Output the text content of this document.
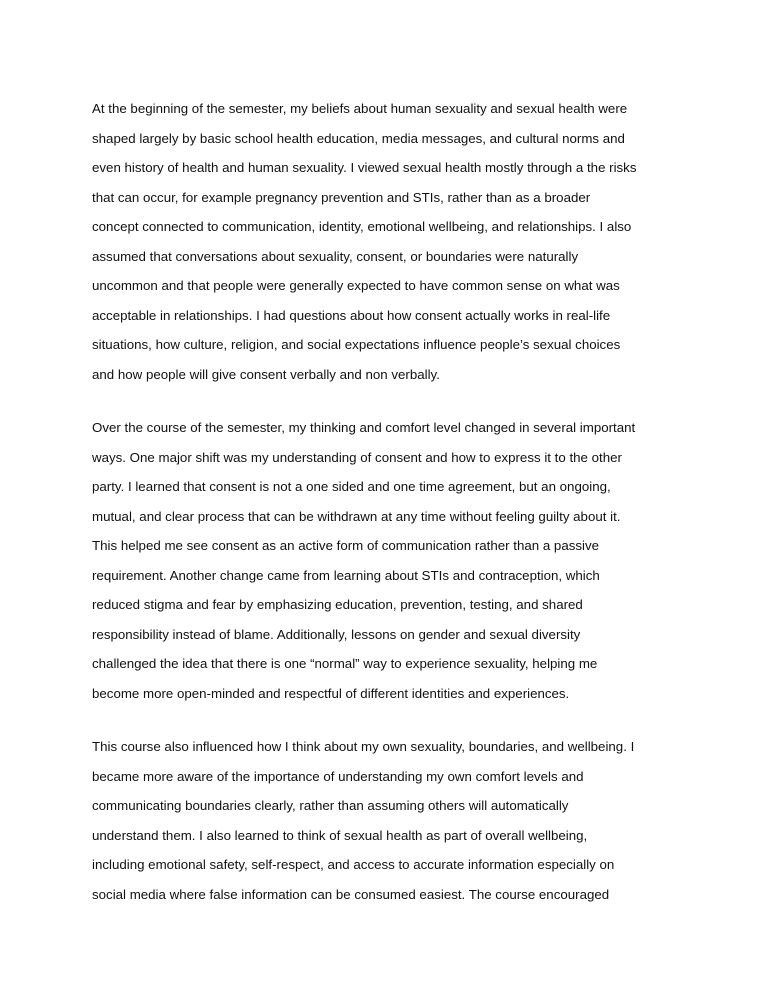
At the beginning of the semester, my beliefs about human sexuality and sexual health were
shaped largely by basic school health education, media messages, and cultural norms and
even history of health and human sexuality. I viewed sexual health mostly through a the risks
that can occur, for example pregnancy prevention and STIs, rather than as a broader
concept connected to communication, identity, emotional wellbeing, and relationships. I also
assumed that conversations about sexuality, consent, or boundaries were naturally
uncommon and that people were generally expected to have common sense on what was
acceptable in relationships. I had questions about how consent actually works in real-life
situations, how culture, religion, and social expectations influence people’s sexual choices
and how people will give consent verbally and non verbally.

Over the course of the semester, my thinking and comfort level changed in several important
ways. One major shift was my understanding of consent and how to express it to the other
party. I learned that consent is not a one sided and one time agreement, but an ongoing,
mutual, and clear process that can be withdrawn at any time without feeling guilty about it.
This helped me see consent as an active form of communication rather than a passive
requirement. Another change came from learning about STIs and contraception, which
reduced stigma and fear by emphasizing education, prevention, testing, and shared
responsibility instead of blame. Additionally, lessons on gender and sexual diversity
challenged the idea that there is one “normal” way to experience sexuality, helping me
become more open-minded and respectful of different identities and experiences.

This course also influenced how I think about my own sexuality, boundaries, and wellbeing. I
became more aware of the importance of understanding my own comfort levels and
communicating boundaries clearly, rather than assuming others will automatically
understand them. I also learned to think of sexual health as part of overall wellbeing,
including emotional safety, self-respect, and access to accurate information especially on
social media where false information can be consumed easiest. The course encouraged
